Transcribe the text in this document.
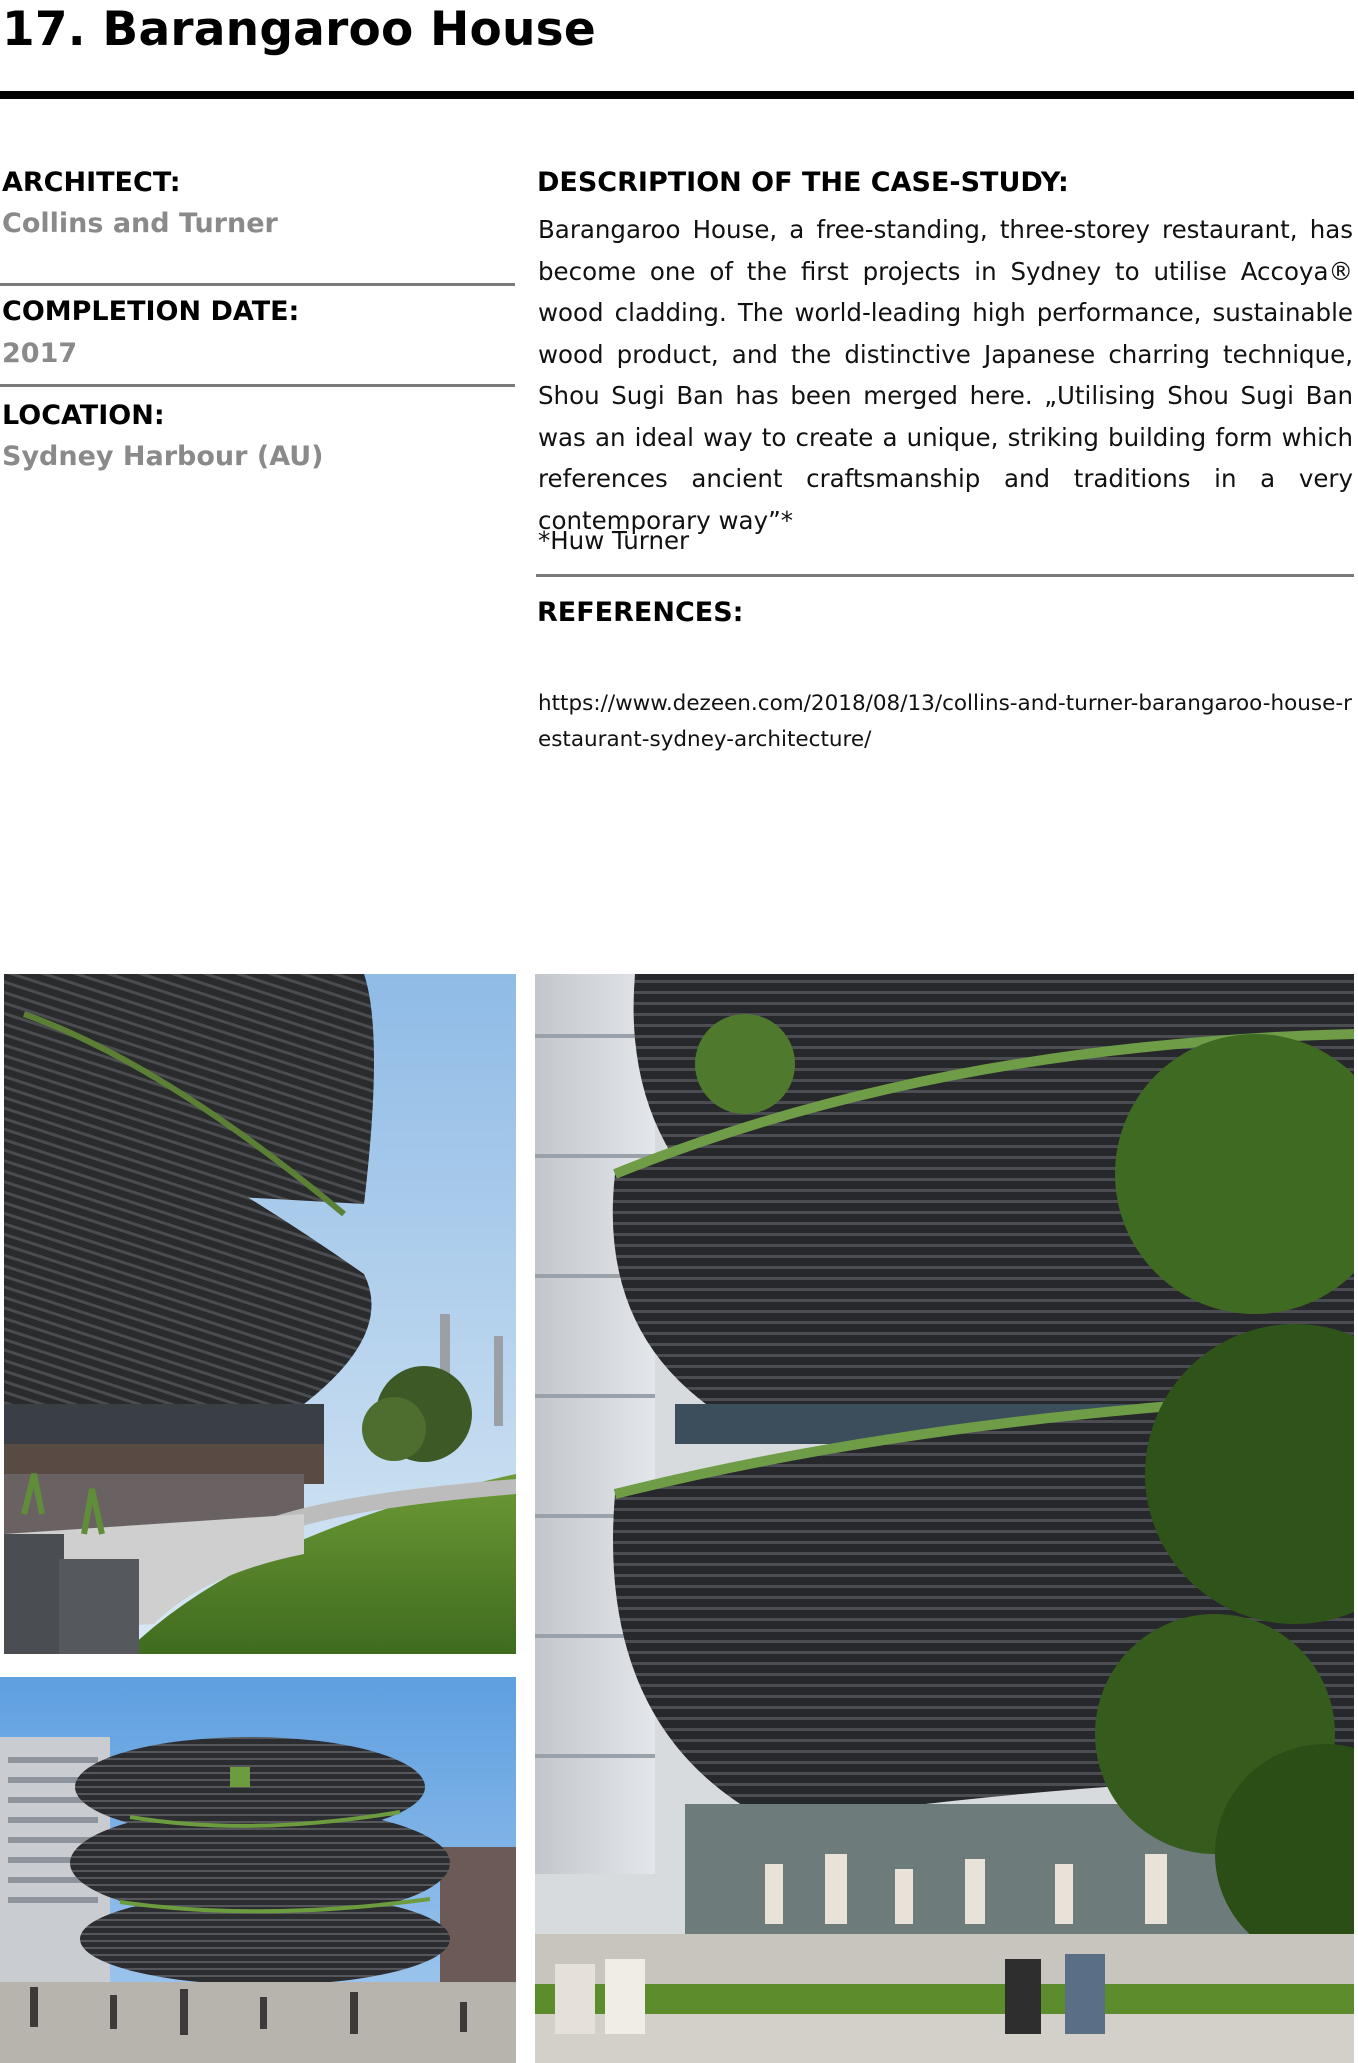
17. Barangaroo House
ARCHITECT:
Collins and Turner
COMPLETION DATE:
2017
LOCATION:
Sydney Harbour (AU)
DESCRIPTION OF THE CASE-STUDY:
Barangaroo House, a free-standing, three-storey restaurant, has become one of the first projects in Sydney to utilise Accoya® wood cladding. The world-leading high performance, sustainable wood product, and the distinctive Japanese charring technique, Shou Sugi Ban has been merged here. „Utilising Shou Sugi Ban was an ideal way to create a unique, striking building form which references ancient craftsmanship and traditions in a very contemporary way”*
*Huw Turner
REFERENCES:
https://www.dezeen.com/2018/08/13/collins-and-turner-barangaroo-house-restaurant-sydney-architecture/
